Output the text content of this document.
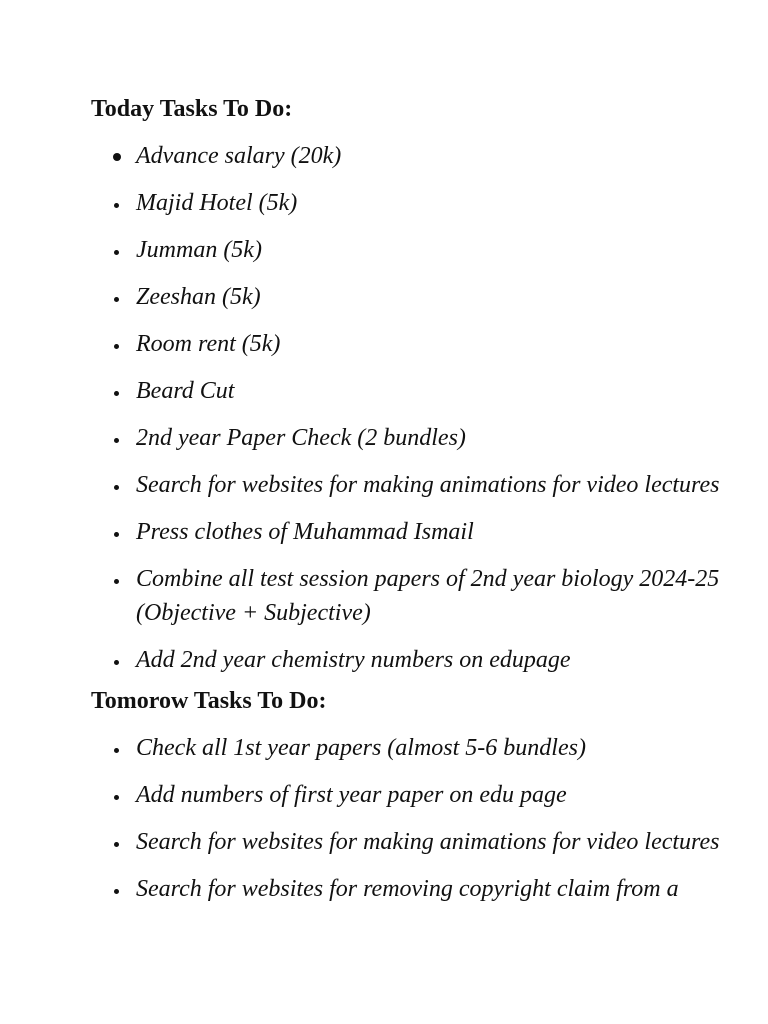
Today Tasks To Do:
Advance salary (20k)
Majid Hotel (5k)
Jumman (5k)
Zeeshan (5k)
Room rent (5k)
Beard Cut
2nd year Paper Check (2 bundles)
Search for websites for making animations for video lectures
Press clothes of Muhammad Ismail
Combine all test session papers of 2nd year biology 2024-25 (Objective + Subjective)
Add 2nd year chemistry numbers on edupage
Tomorow Tasks To Do:
Check all 1st year papers (almost 5-6 bundles)
Add numbers of first year paper on edu page
Search for websites for making animations for video lectures
Search for websites for removing copyright claim from a
